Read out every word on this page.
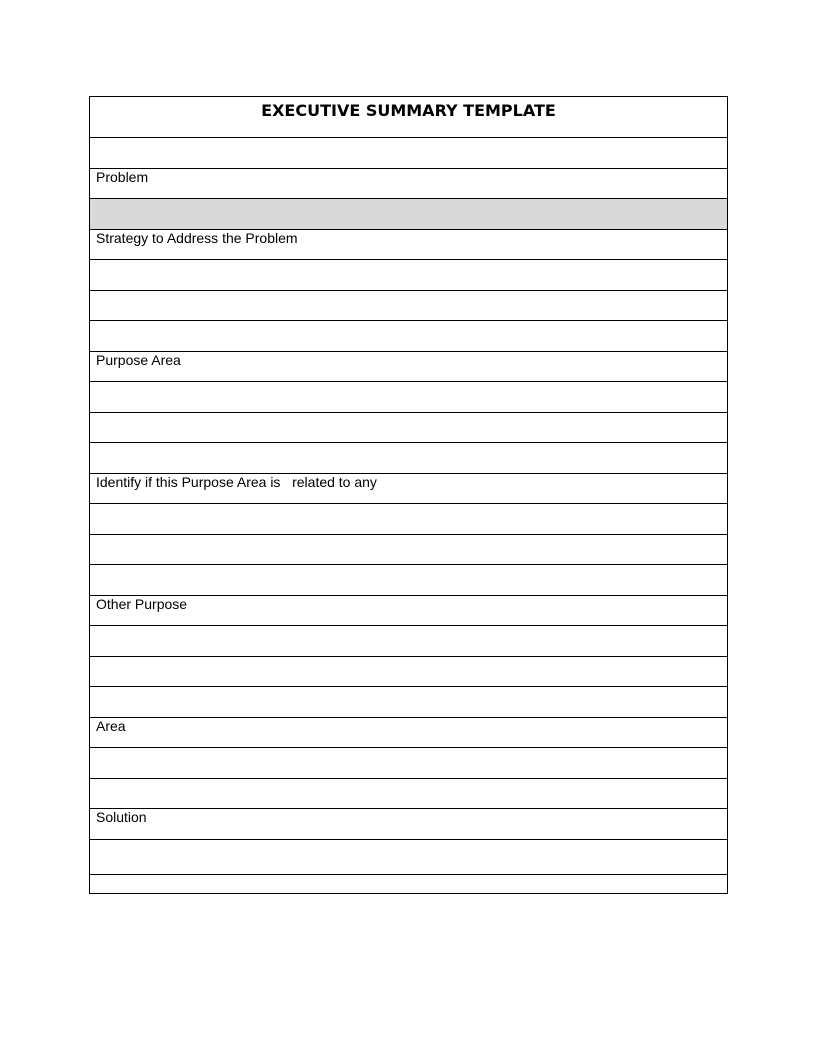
EXECUTIVE SUMMARY TEMPLATE
Problem
Strategy to Address the Problem
Purpose Area
Identify if this Purpose Area is   related to any
Other Purpose
Area
Solution
